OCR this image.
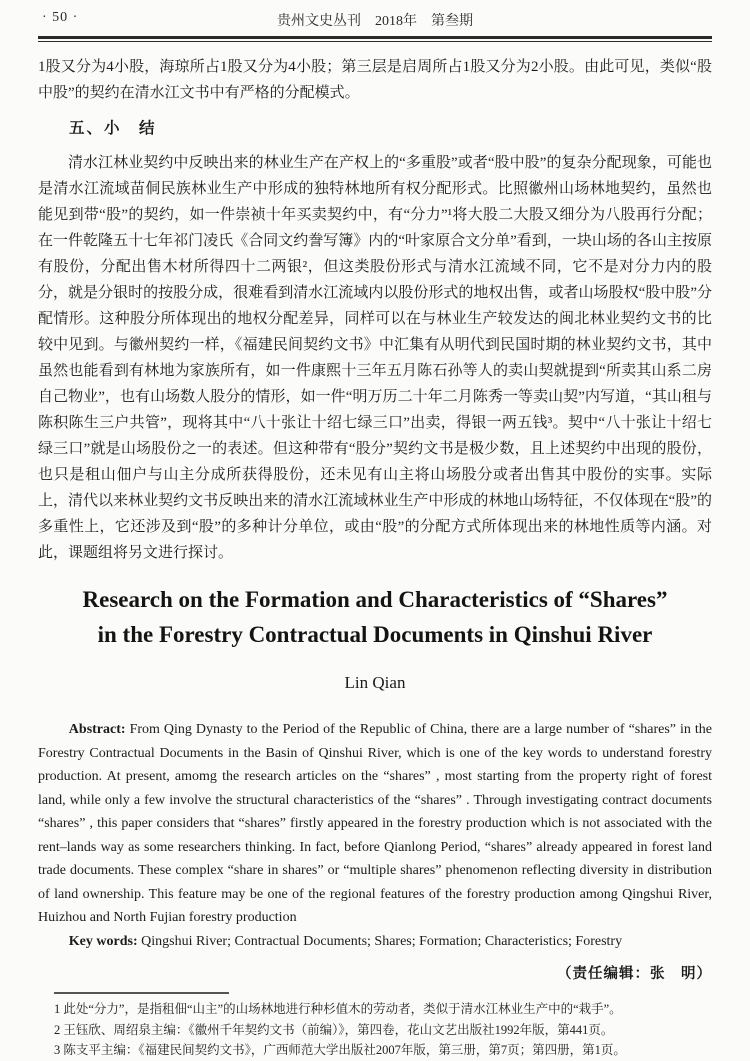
· 50 ·	贵州文史丛刊　2018年　第叁期

1股又分为4小股，海琼所占1股又分为4小股；第三层是启周所占1股又分为2小股。由此可见，类似“股中股”的契约在清水江文书中有严格的分配模式。

五、小　结

清水江林业契约中反映出来的林业生产在产权上的“多重股”或者“股中股”的复杂分配现象，可能也是清水江流域苗侗民族林业生产中形成的独特林地所有权分配形式。比照徽州山场林地契约，虽然也能见到带“股”的契约，如一件崇祯十年买卖契约中，有“分力”¹将大股二大股又细分为八股再行分配；在一件乾隆五十七年祁门凌氏《合同文约誊写簿》内的“叶家原合文分单”看到，一块山场的各山主按原有股份，分配出售木材所得四十二两银²，但这类股份形式与清水江流域不同，它不是对分力内的股分，就是分银时的按股分成，很难看到清水江流域内以股份形式的地权出售，或者山场股权“股中股”分配情形。这种股分所体现出的地权分配差异，同样可以在与林业生产较发达的闽北林业契约文书的比较中见到。与徽州契约一样，《福建民间契约文书》中汇集有从明代到民国时期的林业契约文书，其中虽然也能看到有林地为家族所有，如一件康熙十三年五月陈石孙等人的卖山契就提到“所卖其山系二房自己物业”，也有山场数人股分的情形，如一件“明万历二十年二月陈秀一等卖山契”内写道，“其山租与陈积陈生三户共管”，现将其中“八十张让十绍七绿三口”出卖，得银一两五钱³。契中“八十张让十绍七绿三口”就是山场股份之一的表述。但这种带有“股分”契约文书是极少数，且上述契约中出现的股份，也只是租山佃户与山主分成所获得股份，还未见有山主将山场股分或者出售其中股份的实事。实际上，清代以来林业契约文书反映出来的清水江流域林业生产中形成的林地山场特征，不仅体现在“股”的多重性上，它还涉及到“股”的多种计分单位，或由“股”的分配方式所体现出来的林地性质等内涵。对此，课题组将另文进行探讨。

Research on the Formation and Characteristics of “Shares”
in the Forestry Contractual Documents in Qinshui River
Lin Qian

Abstract: From Qing Dynasty to the Period of the Republic of China, there are a large number of “shares” in the Forestry Contractual Documents in the Basin of Qinshui River, which is one of the key words to understand forestry production. At present, amomg the research articles on the “shares” , most starting from the property right of forest land, while only a few involve the structural characteristics of the “shares” . Through investigating contract documents “shares” , this paper considers that “shares” firstly appeared in the forestry production which is not associated with the rent–lands way as some researchers thinking. In fact, before Qianlong Period, “shares” already appeared in forest land trade documents. These complex “share in shares” or “multiple shares” phenomenon reflecting diversity in distribution of land ownership. This feature may be one of the regional features of the forestry production among Qingshui River, Huizhou and North Fujian forestry production

Key words: Qingshui River; Contractual Documents; Shares; Formation; Characteristics; Forestry

（责任编辑：张　明）

1 此处“分力”，是指租佃“山主”的山场林地进行种杉值木的劳动者，类似于清水江林业生产中的“栽手”。

2 王钰欣、周绍泉主编：《徽州千年契约文书（前编）》，第四卷，花山文艺出版社1992年版，第441页。

3 陈支平主编：《福建民间契约文书》，广西师范大学出版社2007年版，第三册，第7页；第四册，第1页。
